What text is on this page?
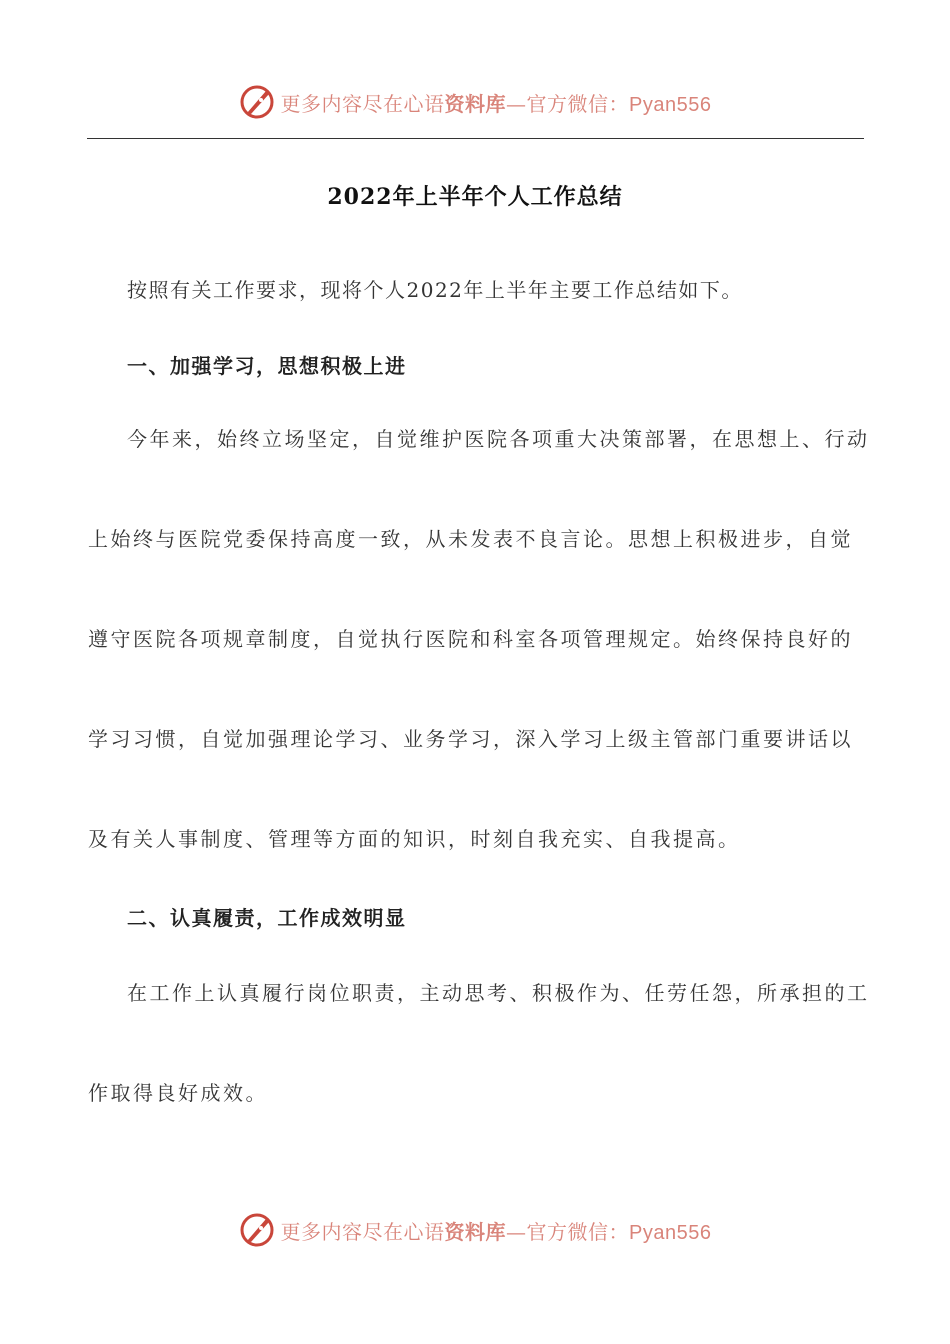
更多内容尽在心语资料库—官方微信：Pyan556
2022年上半年个人工作总结
按照有关工作要求，现将个人2022年上半年主要工作总结如下。
一、加强学习，思想积极上进
今年来，始终立场坚定，自觉维护医院各项重大决策部署，在思想上、行动
上始终与医院党委保持高度一致，从未发表不良言论。思想上积极进步，自觉
遵守医院各项规章制度，自觉执行医院和科室各项管理规定。始终保持良好的
学习习惯，自觉加强理论学习、业务学习，深入学习上级主管部门重要讲话以
及有关人事制度、管理等方面的知识，时刻自我充实、自我提高。
二、认真履责，工作成效明显
在工作上认真履行岗位职责，主动思考、积极作为、任劳任怨，所承担的工
作取得良好成效。
更多内容尽在心语资料库—官方微信：Pyan556
